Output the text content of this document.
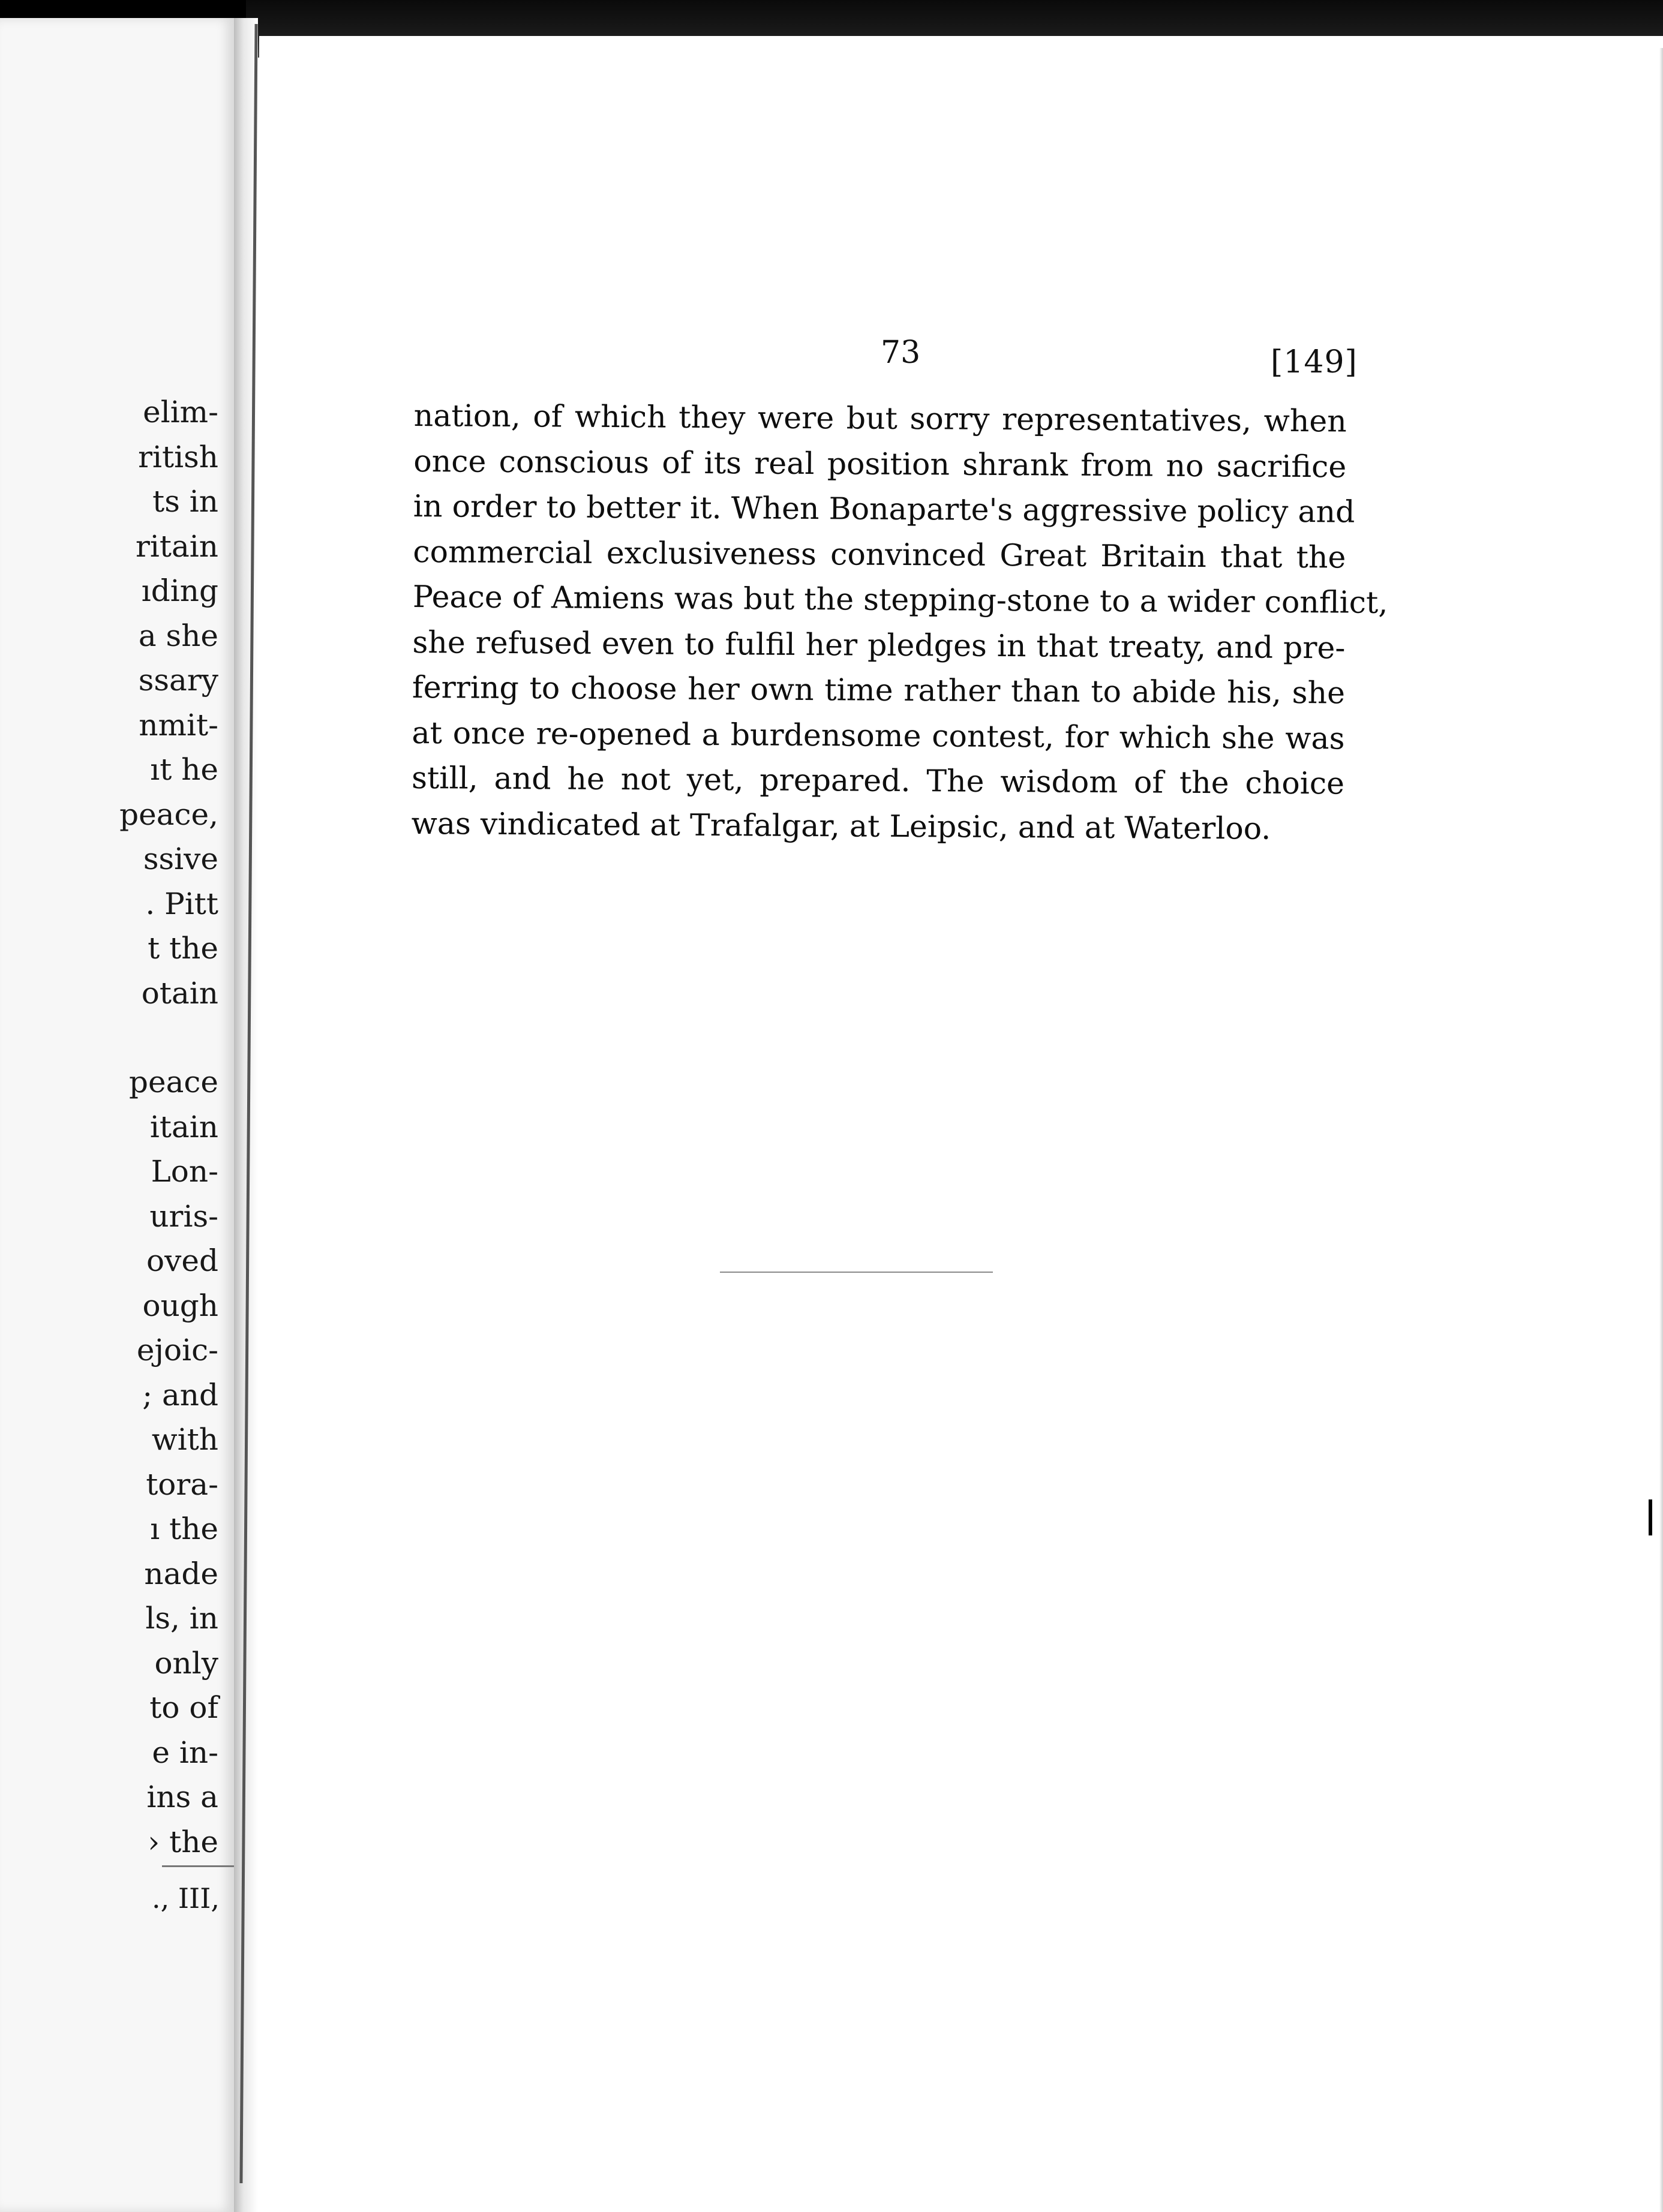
elim-
ritish
ts in
ritain
ıding
a she
ssary
nmit-
ıt he
peace,
ssive
. Pitt
t the
otain
peace
itain
Lon-
uris-
oved
ough
ejoic-
; and
with
tora-
ı the
nade
ls, in
only
to of
e in-
ins a
› the
., III,
73	[149]
nation, of which they were but sorry representatives, when
once conscious of its real position shrank from no sacrifice
in order to better it. When Bonaparte's aggressive policy and
commercial exclusiveness convinced Great Britain that the
Peace of Amiens was but the stepping-stone to a wider conflict,
she refused even to fulfil her pledges in that treaty, and pre-
ferring to choose her own time rather than to abide his, she
at once re-opened a burdensome contest, for which she was
still, and he not yet, prepared. The wisdom of the choice
was vindicated at Trafalgar, at Leipsic, and at Waterloo.
